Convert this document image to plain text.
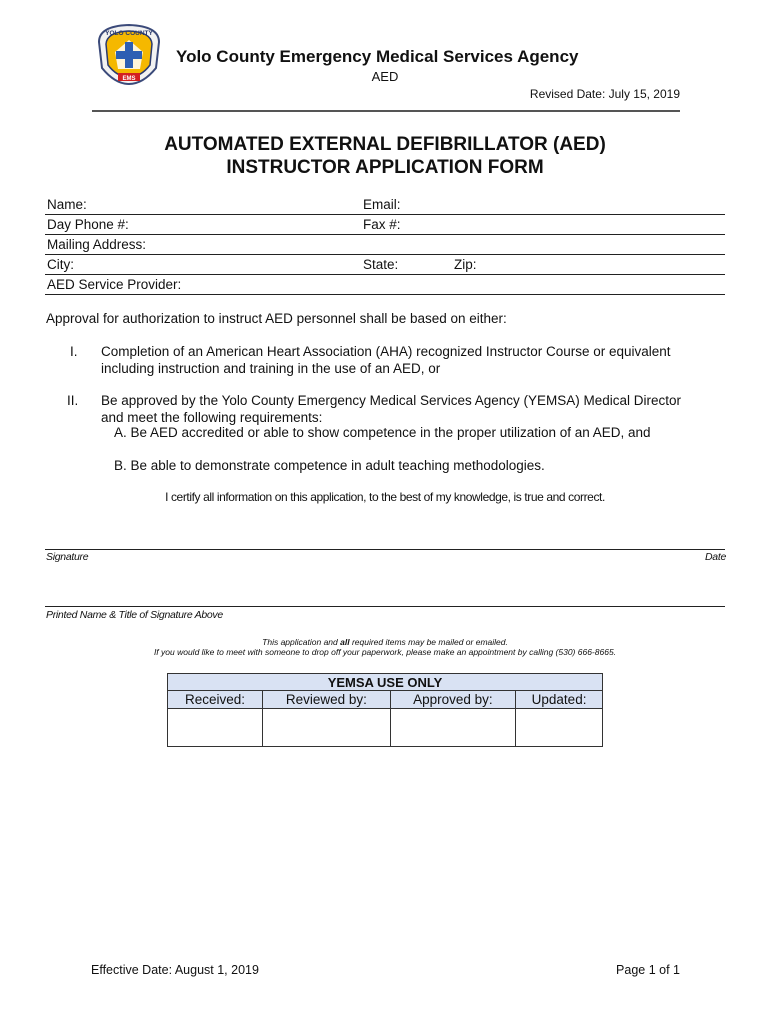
YOLO COUNTY
EMS
Yolo County Emergency Medical Services Agency
AED
Revised Date: July 15, 2019
AUTOMATED EXTERNAL DEFIBRILLATOR (AED)
INSTRUCTOR APPLICATION FORM
Name:	Email:
Day Phone #:	Fax #:
Mailing Address:
City:	State:	Zip:
AED Service Provider:
Approval for authorization to instruct AED personnel shall be based on either:
I. Completion of an American Heart Association (AHA) recognized Instructor Course or equivalent
including instruction and training in the use of an AED, or
II. Be approved by the Yolo County Emergency Medical Services Agency (YEMSA) Medical Director
and meet the following requirements:
A. Be AED accredited or able to show competence in the proper utilization of an AED, and
B. Be able to demonstrate competence in adult teaching methodologies.
I certify all information on this application, to the best of my knowledge, is true and correct.
Signature	Date
Printed Name & Title of Signature Above
This application and all required items may be mailed or emailed.
If you would like to meet with someone to drop off your paperwork, please make an appointment by calling (530) 666-8665.
YEMSA USE ONLY			
Received:	Reviewed by:	Approved by:	Updated:

Effective Date: August 1, 2019	Page 1 of 1
